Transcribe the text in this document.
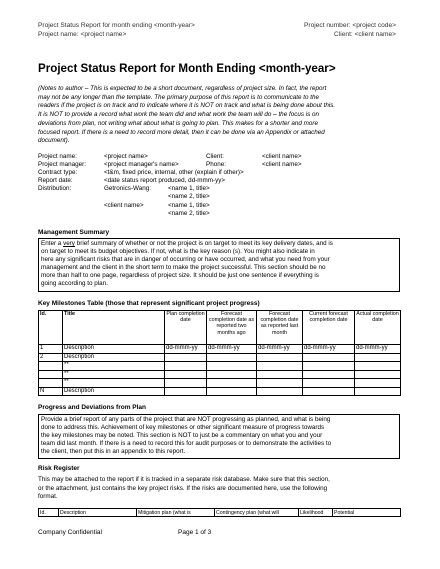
Project Status Report for month ending <month-year>
Project name: <project name>
Project number: <project code>
Client: <client name>
Project Status Report for Month Ending <month-year>
(Notes to author – This is expected to be a short document, regardless of project size. In fact, the report
may not be any longer than the template. The primary purpose of this report is to communicate to the
readers if the project is on track and to indicate where it is NOT on track and what is being done about this.
It is NOT to provide a record what work the team did and what work the team will do – the focus is on
deviations from plan, not writing what about what is going to plan. This makes for a shorter and more
focused report. If there is a need to record more detail, then it can be done via an Appendix or attached
document).
Project name:	<project name>	Client:	<client name>
Project manager:	<project manager's name>	Phone:	<client name>
Contract type:	<t&m, fixed price, internal, other (explain if other)>
Report date:	<date status report produced, dd-mmm-yy>
Distribution:	Getronics-Wang:	<name 1, title>
<name 2, title>
<client name>	<name 1, title>
<name 2, title>
Management Summary
Enter a very brief summary of whether or not the project is on target to meet its key delivery dates, and is
on target to meet its budget objectives. If not, what is the key reason (s). You might also indicate in
here any significant risks that are in danger of occurring or have occurred, and what you need from your
management and the client in the short term to make the project successful. This section should be no
more than half to one page, regardless of project size. It should be just one sentence if everything is
going according to plan.
Key Milestones Table (those that represent significant project progress)
Id.	Title	Plan completion date	Forecast completion date as reported two months ago	Forecast completion date as reported last month	Current forecast completion date	Actual completion date
1	Description	dd-mmm-yy	dd-mmm-yy	dd-mmm-yy	dd-mmm-yy	dd-mmm-yy
2	Description					
	**					
	**					
	**					
N	Description					
Progress and Deviations from Plan
Provide a brief report of any parts of the project that are NOT progressing as planned, and what is being
done to address this. Achievement of key milestones or other significant measure of progress towards
the key milestones may be noted. This section is NOT to just be a commentary on what you and your
team did last month. If there is a need to record this for audit purposes or to demonstrate the activities to
the client, then put this in an appendix to this report.
Risk Register
This may be attached to the report if it is tracked in a separate risk database. Make sure that this section,
or the attachment, just contains the key project risks. If the risks are documented here, use the following
format.
Id.	Description	Mitigation plan (what is	Contingency plan (what will	Likelihood	Potential
Company Confidential	Page 1 of 3
